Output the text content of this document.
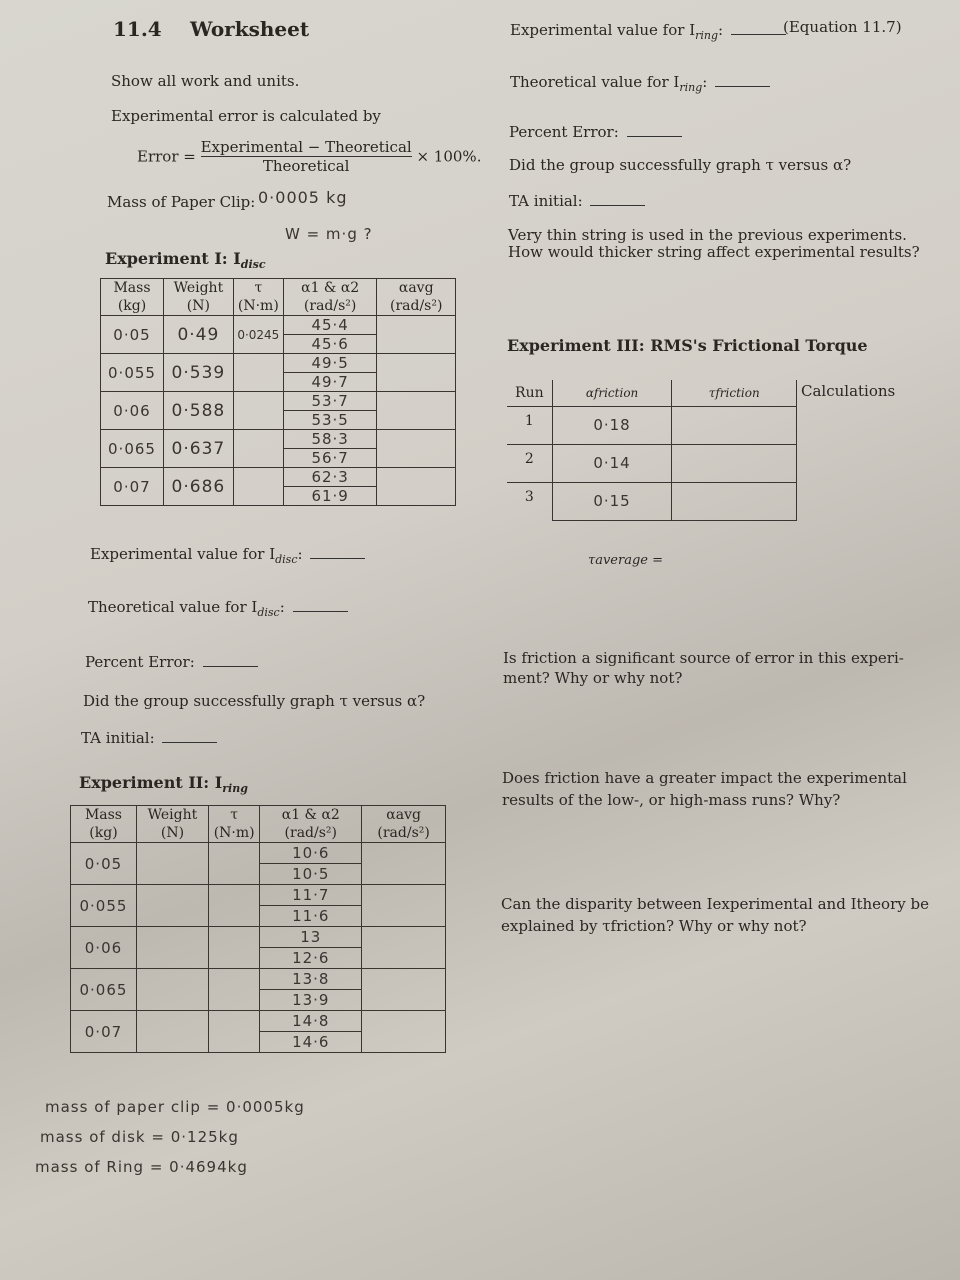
11.4 Worksheet
Show all work and units.
Experimental error is calculated by
Error = $\frac{\text{Experimental − Theoretical}}{\text{Theoretical}} \times 100\%$.
Mass of Paper Clip: 0·0005 kg
W = m·g ?
Experiment I: $I_{disc}$
Mass (kg)	Weight (N)	τ (N·m)	α1 & α2 (rad/s²)	αavg (rad/s²)
0·05	0·49	0·0245	45·4	
			45·6	
0·055	0·539		49·5	
			49·7	
0·06	0·588		53·7	
			53·5	
0·065	0·637		58·3	
			56·7	
0·07	0·686		62·3	
			61·9	
Experimental value for $I_{disc}$:
Theoretical value for $I_{disc}$:
Percent Error:
Did the group successfully graph τ versus α?
TA initial:
Experiment II: $I_{ring}$
Mass (kg)	Weight (N)	τ (N·m)	α1 & α2 (rad/s²)	αavg (rad/s²)
0·05			10·6	
			10·5	
0·055			11·7	
			11·6	
0·06			13	
			12·6	
0·065			13·8	
			13·9	
0·07			14·8	
			14·6	
mass of paper clip = 0·0005kg
mass of disk = 0·125kg
mass of Ring = 0·4694kg
Experimental value for $I_{ring}$:	(Equation 11.7)
Theoretical value for $I_{ring}$:
Percent Error:
Did the group successfully graph τ versus α?
TA initial:
Very thin string is used in the previous experiments.
How would thicker string affect experimental results?
Experiment III: RMS's Frictional Torque
Run	αfriction	τfriction
1	0·18	
2	0·14	
3	0·15	
Calculations
τaverage =
Is friction a significant source of error in this experi-
ment? Why or why not?
Does friction have a greater impact the experimental
results of the low-, or high-mass runs? Why?
Can the disparity between Iexperimental and Itheory be
explained by τfriction? Why or why not?
